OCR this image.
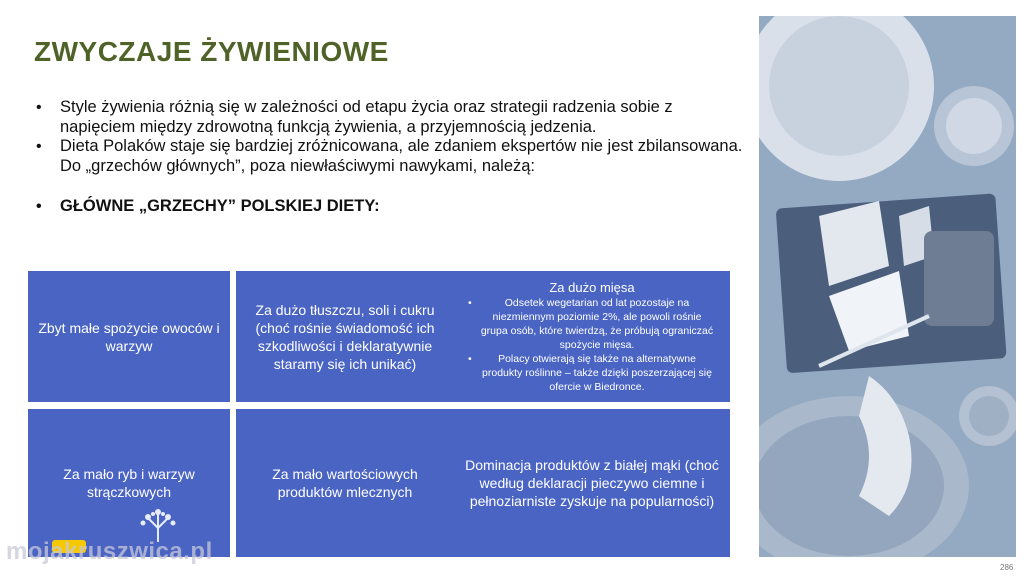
ZWYCZAJE ŻYWIENIOWE
• Style żywienia różnią się w zależności od etapu życia oraz strategii radzenia sobie z napięciem między zdrowotną funkcją żywienia, a przyjemnością jedzenia.
• Dieta Polaków staje się bardziej zróżnicowana, ale zdaniem ekspertów nie jest zbilansowana. Do „grzechów głównych”, poza niewłaściwymi nawykami, należą:
• GŁÓWNE „GRZECHY” POLSKIEJ DIETY:
Zbyt małe spożycie owoców i warzyw
Za dużo tłuszczu, soli i cukru (choć rośnie świadomość ich szkodliwości i deklaratywnie staramy się ich unikać)
Za dużo mięsa
• Odsetek wegetarian od lat pozostaje na niezmiennym poziomie 2%, ale powoli rośnie grupa osób, które twierdzą, że próbują ograniczać spożycie mięsa.
• Polacy otwierają się także na alternatywne produkty roślinne – także dzięki poszerzającej się ofercie w Biedronce.
Za mało ryb i warzyw strączkowych
Za mało wartościowych produktów mlecznych
Dominacja produktów z białej mąki (choć według deklaracji pieczywo ciemne i pełnoziarniste zyskuje na popularności)
mojakruszwica.pl
286
